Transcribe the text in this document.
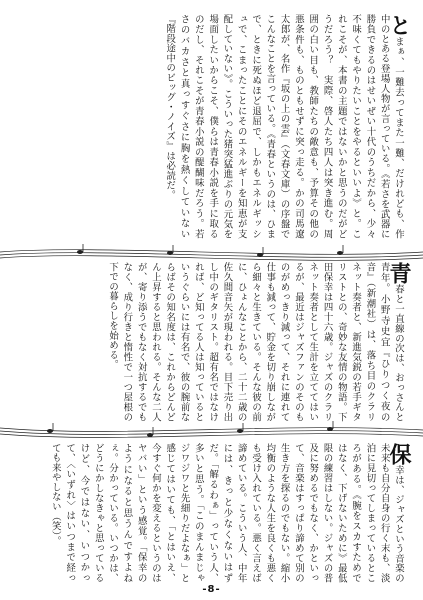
とまぁ、一難去ってまた一難、だけれども、作中のとある登場人物が言っている。《若さを武器に勝負できるのはせいぜい十代のうちだから、少々不味くてもやりたいことをやるといいよ》と。これこそが、本書の主題ではないかと思うのだがどうだろう？　実際、啓人たち四人は突き進む。周囲の白い目も、教師たちの敵意も、予算その他の悪条件も、ものともせずに突っ走る。かの司馬遼太郎が、名作『坂の上の雲』（文春文庫）の序盤でこんなことを言っている。《青春というのは、ひまで、ときに死ぬほど退屈で、しかもエネルギッシュで、こまったことにそのエネルギーを知恵が支配していない》。こういった猪突猛進ぶりの元気を場面したいからこそ、僕らは青春小説を手に取るのだし、それこそが青春小説の醍醐味だろう。若さのバカさと真っすぐさに胸を熱くしていない『階段途中のビッグ・ノイズ』は必読だ。
青春と一直線の次は、おっさんと青年。小野寺史宜『ひりつく夜の音』（新潮社）は、落ち目のクラリネット奏者と、新進気鋭の若手ギタリストとの、奇妙な友情の物語。下田保幸は四十六歳。ジャズのクラリネット奏者として生計を立ててはいるが、最近はジャズファンのそのものがめっきり減って、それに連れて仕事も減って、貯金を切り崩しながら細々と生きている。そんな彼の前に、ひょんなことから、二十二歳の佐久間音矢が現われる。目下売り出し中のギタリスト。超有名ではなければ、ど知ってる人は知っているというぐらいには有名で、彼の腕前ならばその知名度は、これからどんどん上昇すると思われる。そんな二人が、寄り添うでもなく対抗するでもなく、成り行きと惰性で一つ屋根の下での暮らしを始める。
保幸は、ジャズという音楽の未来も自分自身の行く末も、淡泊に見切ってしまっているところがある。《腕をスカすためではなく、下げないために》最低限の練習はしない。ジャズの普及に努めるでもなく、かといって、音楽はすっぱり諦めて別の生き方を探るのでもない。縮小均衡のような人生を良くも悪くも受け入れている。悪く言えば諦めている。こういう人、中年には、きっと少なくないはずだ。「解るわぁ」っていう人、多いと思う。「このまんまじゃジワジワと先細りだよなぁ」と感じてはいても、「とはいえ、今すぐ何かを変えるというのはヤバい」という感覚。「保幸のようになると思うんですよねぇ。分かっている。いつかは、どうにかしなきゃと思っているけど、今ではない、いつかって、〈いずれ〉はいつまで経っても来やしない（笑）。
-8-
